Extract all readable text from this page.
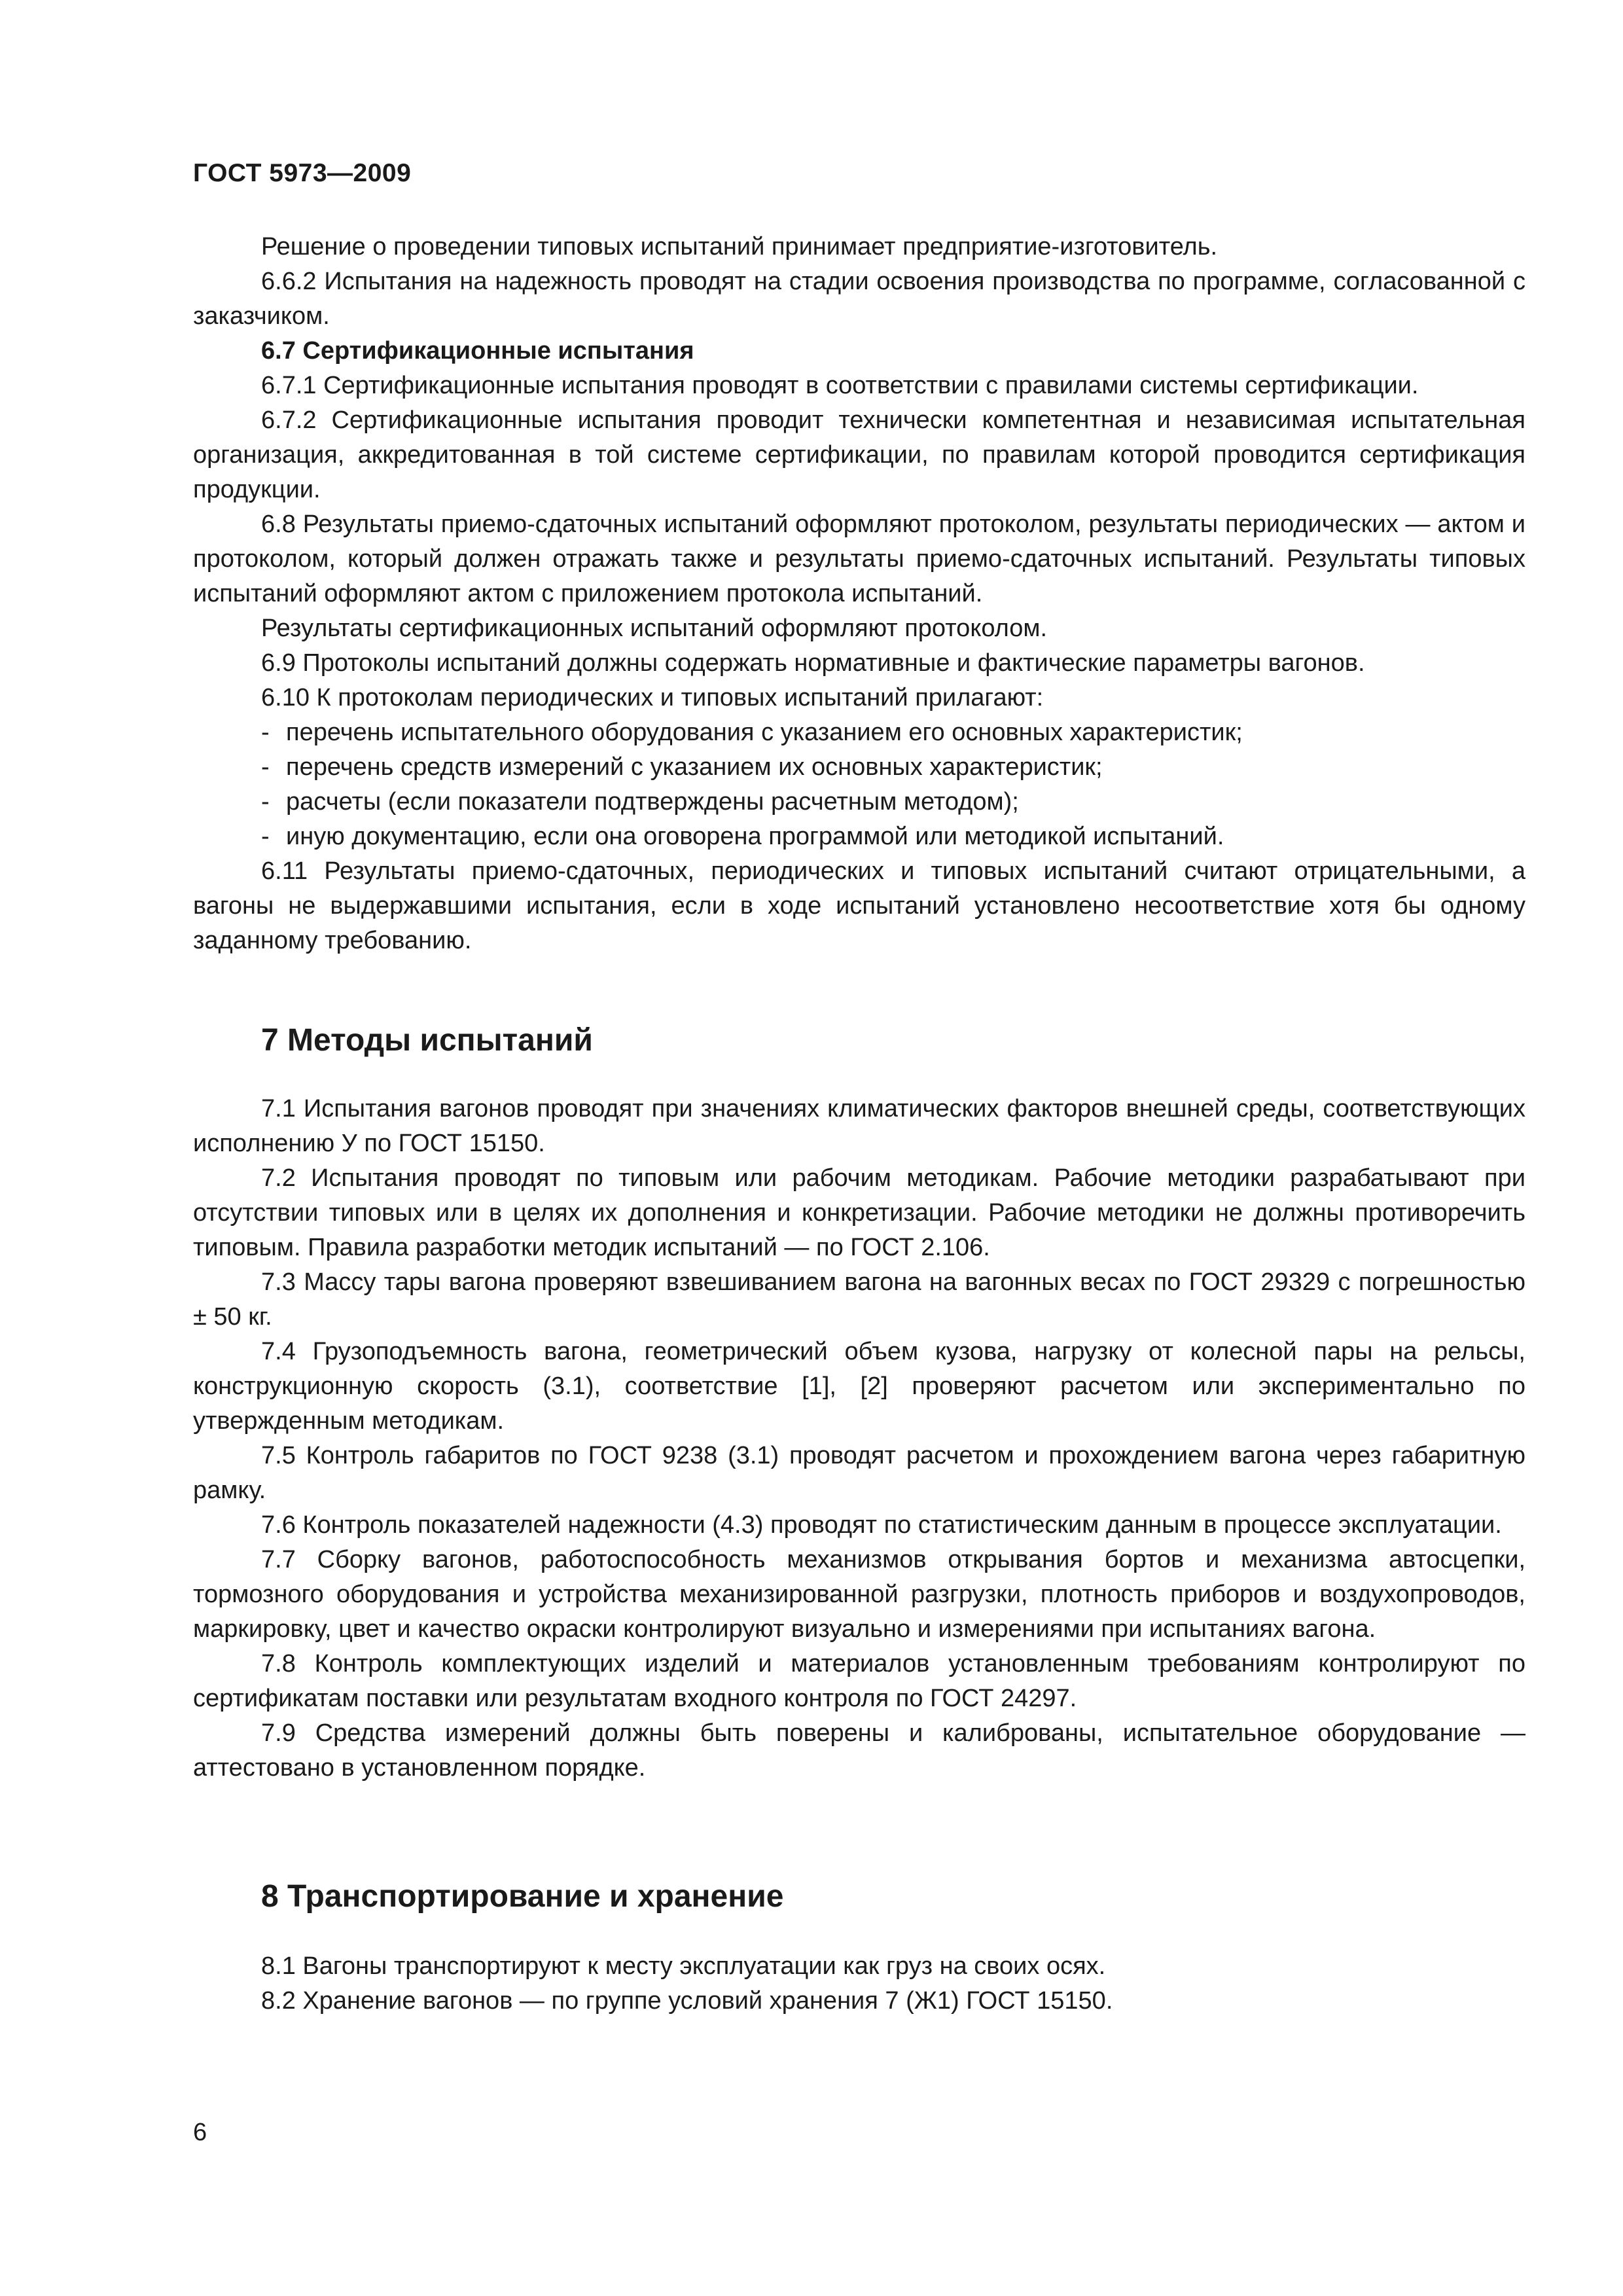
ГОСТ 5973—2009

Решение о проведении типовых испытаний принимает предприятие-изготовитель.

6.6.2 Испытания на надежность проводят на стадии освоения производства по программе, согласованной с заказчиком.

6.7 Сертификационные испытания

6.7.1 Сертификационные испытания проводят в соответствии с правилами системы сертификации.

6.7.2 Сертификационные испытания проводит технически компетентная и независимая испытательная организация, аккредитованная в той системе сертификации, по правилам которой проводится сертификация продукции.

6.8 Результаты приемо-сдаточных испытаний оформляют протоколом, результаты периодических — актом и протоколом, который должен отражать также и результаты приемо-сдаточных испытаний. Результаты типовых испытаний оформляют актом с приложением протокола испытаний.

Результаты сертификационных испытаний оформляют протоколом.

6.9 Протоколы испытаний должны содержать нормативные и фактические параметры вагонов.

6.10 К протоколам периодических и типовых испытаний прилагают:

- перечень испытательного оборудования с указанием его основных характеристик;

- перечень средств измерений с указанием их основных характеристик;

- расчеты (если показатели подтверждены расчетным методом);

- иную документацию, если она оговорена программой или методикой испытаний.

6.11 Результаты приемо-сдаточных, периодических и типовых испытаний считают отрицательными, а вагоны не выдержавшими испытания, если в ходе испытаний установлено несоответствие хотя бы одному заданному требованию.

7 Методы испытаний

7.1 Испытания вагонов проводят при значениях климатических факторов внешней среды, соответствующих исполнению У по ГОСТ 15150.

7.2 Испытания проводят по типовым или рабочим методикам. Рабочие методики разрабатывают при отсутствии типовых или в целях их дополнения и конкретизации. Рабочие методики не должны противоречить типовым. Правила разработки методик испытаний — по ГОСТ 2.106.

7.3 Массу тары вагона проверяют взвешиванием вагона на вагонных весах по ГОСТ 29329 с погрешностью ± 50 кг.

7.4 Грузоподъемность вагона, геометрический объем кузова, нагрузку от колесной пары на рельсы, конструкционную скорость (3.1), соответствие [1], [2] проверяют расчетом или экспериментально по утвержденным методикам.

7.5 Контроль габаритов по ГОСТ 9238 (3.1) проводят расчетом и прохождением вагона через габаритную рамку.

7.6 Контроль показателей надежности (4.3) проводят по статистическим данным в процессе эксплуатации.

7.7 Сборку вагонов, работоспособность механизмов открывания бортов и механизма автосцепки, тормозного оборудования и устройства механизированной разгрузки, плотность приборов и воздухопроводов, маркировку, цвет и качество окраски контролируют визуально и измерениями при испытаниях вагона.

7.8 Контроль комплектующих изделий и материалов установленным требованиям контролируют по сертификатам поставки или результатам входного контроля по ГОСТ 24297.

7.9 Средства измерений должны быть поверены и калиброваны, испытательное оборудование — аттестовано в установленном порядке.

8 Транспортирование и хранение

8.1 Вагоны транспортируют к месту эксплуатации как груз на своих осях.

8.2 Хранение вагонов — по группе условий хранения 7 (Ж1) ГОСТ 15150.

6
